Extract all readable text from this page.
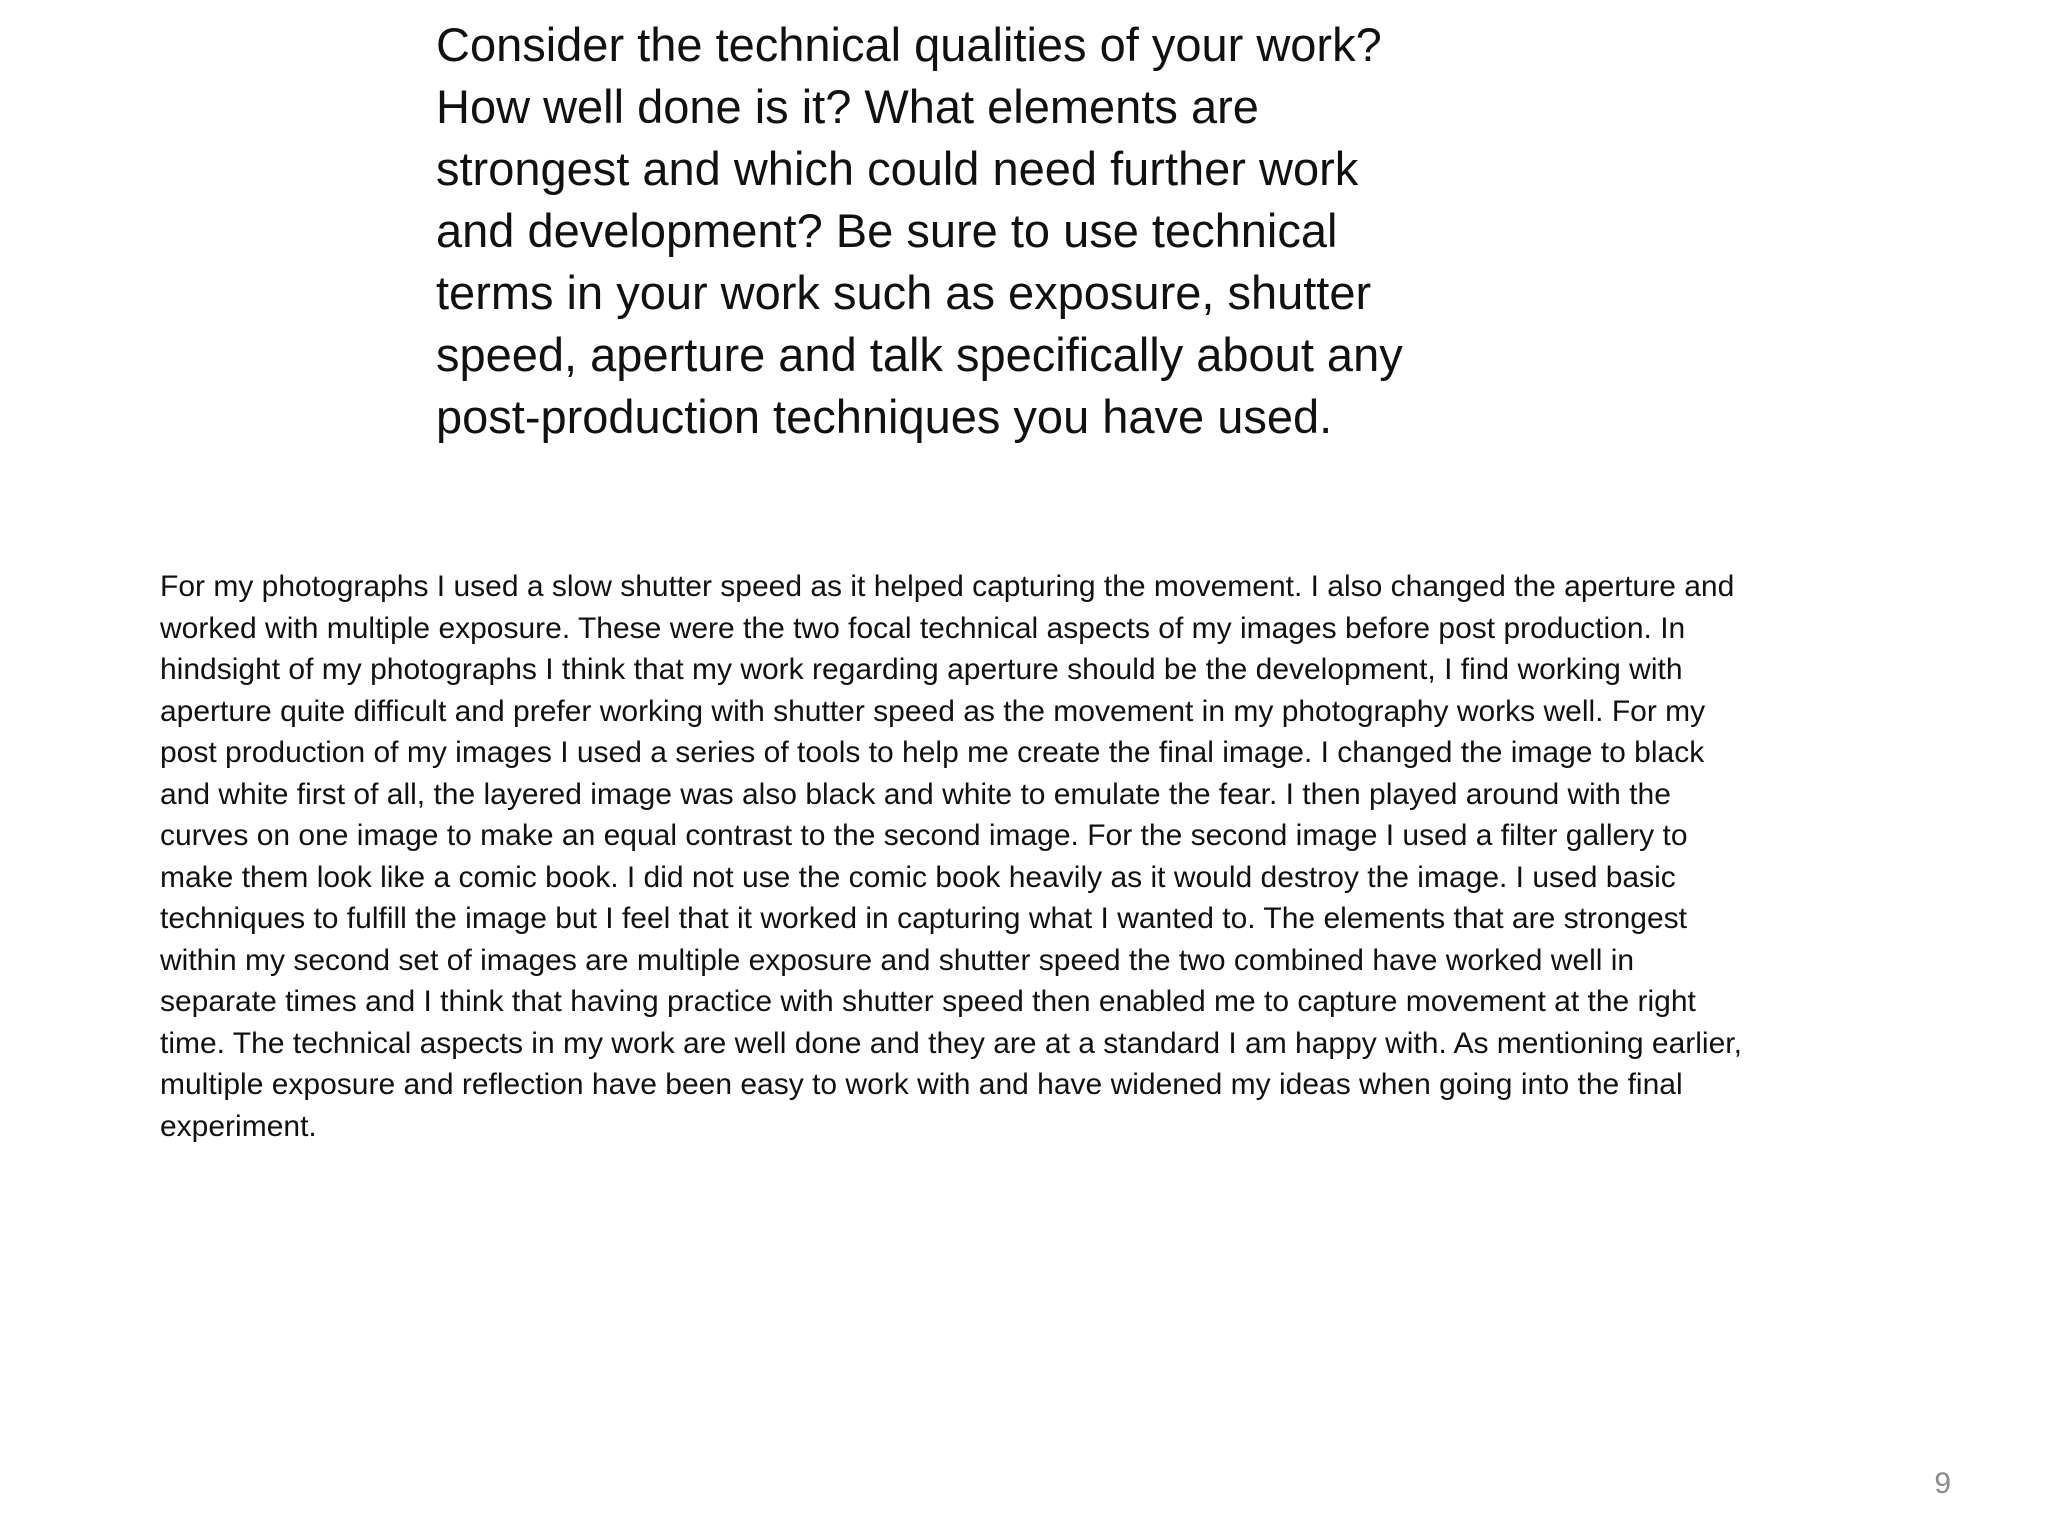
Consider the technical qualities of your work?
How well done is it? What elements are
strongest and which could need further work
and development? Be sure to use technical
terms in your work such as exposure, shutter
speed, aperture and talk specifically about any
post-production techniques you have used.

For my photographs I used a slow shutter speed as it helped capturing the movement. I also changed the aperture and
worked with multiple exposure. These were the two focal technical aspects of my images before post production. In
hindsight of my photographs I think that my work regarding aperture should be the development, I find working with
aperture quite difficult and prefer working with shutter speed as the movement in my photography works well. For my
post production of my images I used a series of tools to help me create the final image. I changed the image to black
and white first of all, the layered image was also black and white to emulate the fear. I then played around with the
curves on one image to make an equal contrast to the second image. For the second image I used a filter gallery to
make them look like a comic book. I did not use the comic book heavily as it would destroy the image. I used basic
techniques to fulfill the image but I feel that it worked in capturing what I wanted to. The elements that are strongest
within my second set of images are multiple exposure and shutter speed the two combined have worked well in
separate times and I think that having practice with shutter speed then enabled me to capture movement at the right
time. The technical aspects in my work are well done and they are at a standard I am happy with. As mentioning earlier,
multiple exposure and reflection have been easy to work with and have widened my ideas when going into the final
experiment.

9
